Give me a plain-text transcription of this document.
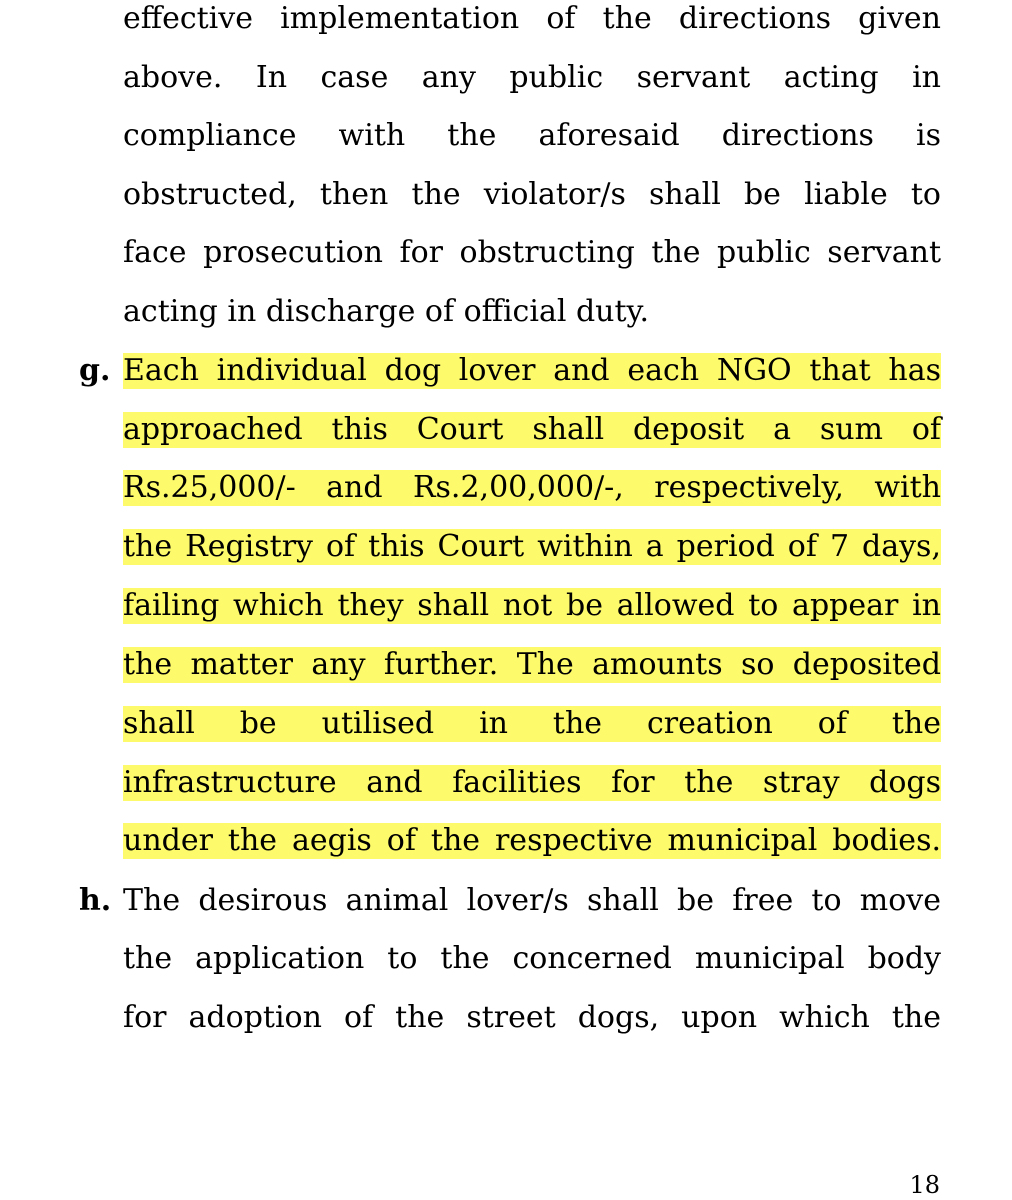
effective implementation of the directions given
above. In case any public servant acting in
compliance with the aforesaid directions is
obstructed, then the violator/s shall be liable to
face prosecution for obstructing the public servant
acting in discharge of official duty.
g. Each individual dog lover and each NGO that has
approached this Court shall deposit a sum of
Rs.25,000/- and Rs.2,00,000/-, respectively, with
the Registry of this Court within a period of 7 days,
failing which they shall not be allowed to appear in
the matter any further. The amounts so deposited
shall be utilised in the creation of the
infrastructure and facilities for the stray dogs
under the aegis of the respective municipal bodies.
h. The desirous animal lover/s shall be free to move
the application to the concerned municipal body
for adoption of the street dogs, upon which the
18
